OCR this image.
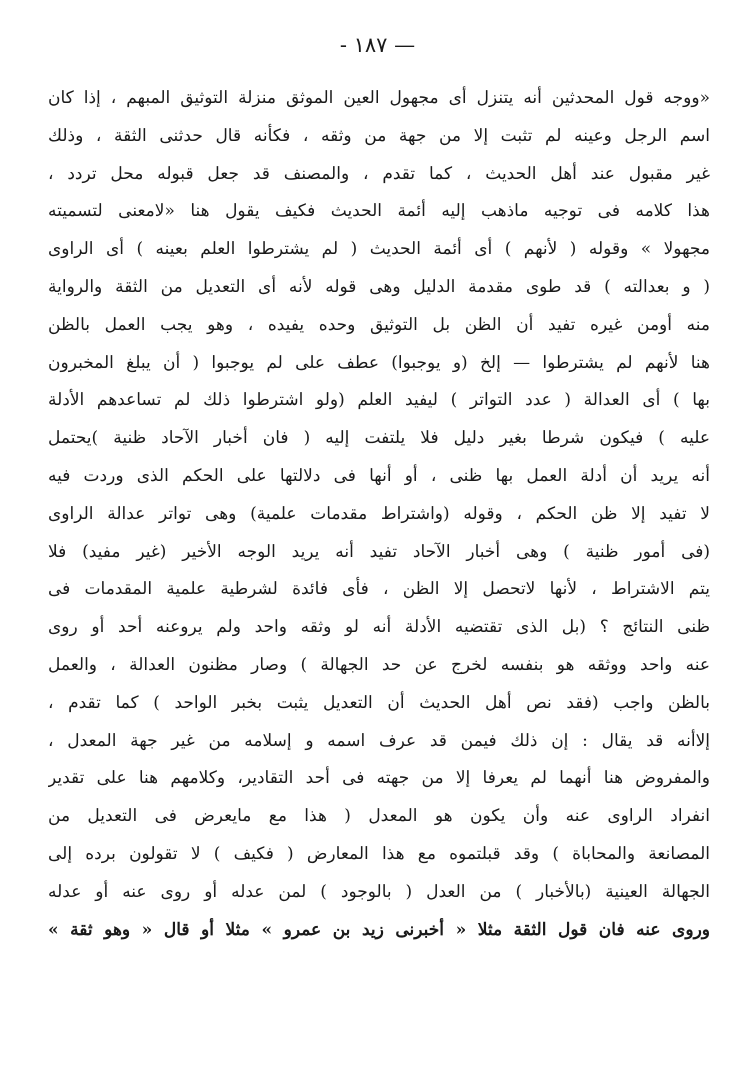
— ۱۸۷ -
«ووجه قول المحدثين أنه يتنزل أى مجهول العين الموثق منزلة التوثيق المبهم ، إذا كان
اسم الرجل وعينه لم تثبت إلا من جهة من وثقه ، فكأنه قال حدثنى الثقة ، وذلك
غير مقبول عند أهل الحديث ، كما تقدم ، والمصنف قد جعل قبوله محل تردد ،
هذا كلامه فى توجيه ماذهب إليه أئمة الحديث فكيف يقول هنا «لامعنى لتسميته
مجهولا » وقوله ( لأنهم ) أى أئمة الحديث ( لم يشترطوا العلم بعينه ) أى الراوى
( و بعدالته ) قد طوى مقدمة الدليل وهى قوله لأنه أى التعديل من الثقة والرواية
منه أومن غيره تفيد أن الظن بل التوثيق وحده يفيده ، وهو يجب العمل بالظن
هنا لأنهم لم يشترطوا — إلخ (و يوجبوا) عطف على لم يوجبوا ( أن يبلغ المخبرون
بها ) أى العدالة ( عدد التواتر ) ليفيد العلم (ولو اشترطوا ذلك لم تساعدهم الأدلة
عليه ) فيكون شرطا بغير دليل فلا يلتفت إليه ( فان أخبار الآحاد ظنية )يحتمل
أنه يريد أن أدلة العمل بها ظنى ، أو أنها فى دلالتها على الحكم الذى وردت فيه
لا تفيد إلا ظن الحكم ، وقوله (واشتراط مقدمات علمية) وهى تواتر عدالة الراوى
(فى أمور ظنية ) وهى أخبار الآحاد تفيد أنه يريد الوجه الأخير (غير مفيد) فلا
يتم الاشتراط ، لأنها لاتحصل إلا الظن ، فأى فائدة لشرطية علمية المقدمات فى
ظنى النتائج ؟ (بل الذى تقتضيه الأدلة أنه لو وثقه واحد ولم يروعنه أحد أو روى
عنه واحد ووثقه هو بنفسه لخرج عن حد الجهالة ) وصار مظنون العدالة ، والعمل
بالظن واجب (فقد نص أهل الحديث أن التعديل يثبت بخبر الواحد ) كما تقدم ،
إلاأنه قد يقال : إن ذلك فيمن قد عرف اسمه و إسلامه من غير جهة المعدل ،
والمفروض هنا أنهما لم يعرفا إلا من جهته فى أحد التقادير، وكلامهم هنا على تقدير
انفراد الراوى عنه وأن يكون هو المعدل ( هذا مع مايعرض فى التعديل من
المصانعة والمحاباة ) وقد قبلتموه مع هذا المعارض ( فكيف ) لا تقولون برده إلى
الجهالة العينية (بالأخبار ) من العدل ( بالوجود ) لمن عدله أو روى عنه أو عدله
وروى عنه فان قول الثقة مثلا « أخبرنى زيد بن عمرو » مثلا أو قال « وهو ثقة »
